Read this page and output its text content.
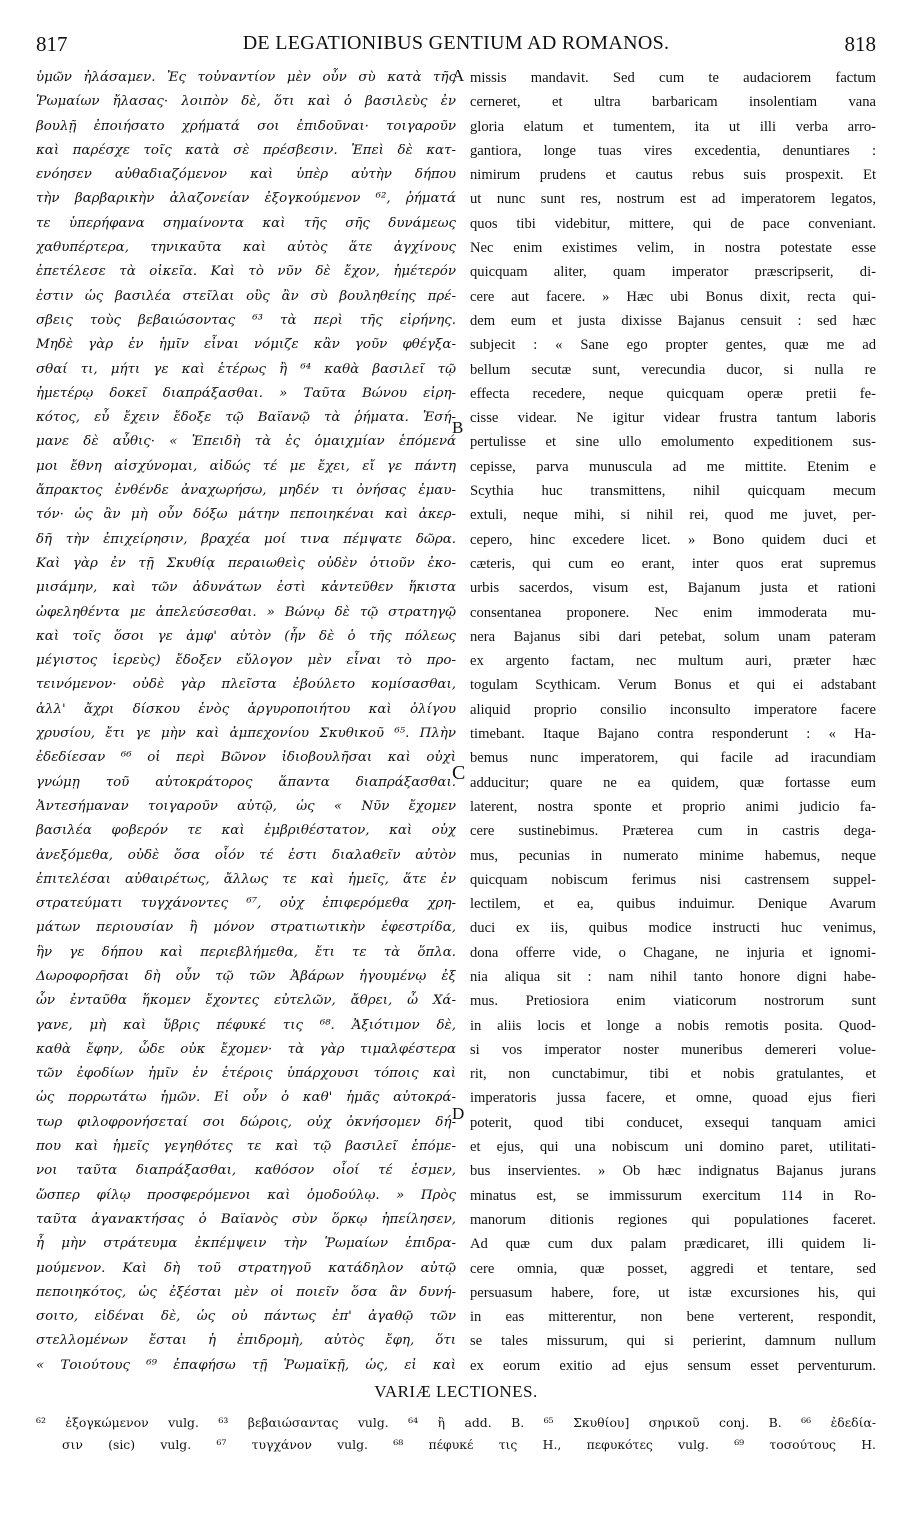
817	DE LEGATIONIBUS GENTIUM AD ROMANOS.	818
ὑμῶν ἠλάσαμεν. Ἐς τοὐναντίον μὲν οὖν σὺ κατὰ τῆς
Ῥωμαίων ἤλασας· λοιπὸν δὲ, ὅτι καὶ ὁ βασιλεὺς ἐν
βουλῇ ἐποιήσατο χρήματά σοι ἐπιδοῦναι· τοιγαροῦν
καὶ παρέσχε τοῖς κατὰ σὲ πρέσβεσιν. Ἐπεὶ δὲ κατ-
ενόησεν αὐθαδιαζόμενον καὶ ὑπὲρ αὐτὴν δήπου
τὴν βαρβαρικὴν ἀλαζονείαν ἐξογκούμενον ⁶², ῥήματά
τε ὑπερήφανα σημαίνοντα καὶ τῆς σῆς δυνάμεως
χαθυπέρτερα, τηνικαῦτα καὶ αὐτὸς ἅτε ἀγχίνους
ἐπετέλεσε τὰ οἰκεῖα. Καὶ τὸ νῦν δὲ ἔχον, ἡμέτερόν
ἐστιν ὡς βασιλέα στεῖλαι οὓς ἂν σὺ βουληθείης πρέ-
σβεις τοὺς βεβαιώσοντας ⁶³ τὰ περὶ τῆς εἰρήνης.
Μηδὲ γὰρ ἐν ἡμῖν εἶναι νόμιζε κἂν γοῦν φθέγξα-
σθαί τι, μήτι γε καὶ ἑτέρως ἢ ⁶⁴ καθὰ βασιλεῖ τῷ
ἡμετέρῳ δοκεῖ διαπράξασθαι. » Ταῦτα Βώνου εἰρη-
κότος, εὖ ἔχειν ἔδοξε τῷ Βαϊανῷ τὰ ῥήματα. Ἐσή-
μανε δὲ αὖθις· « Ἐπειδὴ τὰ ἐς ὁμαιχμίαν ἑπόμενά
μοι ἔθνη αἰσχύνομαι, αἰδώς τέ με ἔχει, εἴ γε πάντη
ἄπρακτος ἐνθένδε ἀναχωρήσω, μηδέν τι ὀνήσας ἐμαυ-
τόν· ὡς ἂν μὴ οὖν δόξω μάτην πεποιηκέναι καὶ ἀκερ-
δῆ τὴν ἐπιχείρησιν, βραχέα μοί τινα πέμψατε δῶρα.
Καὶ γὰρ ἐν τῇ Σκυθίᾳ περαιωθεὶς οὐδὲν ὁτιοῦν ἐκο-
μισάμην, καὶ τῶν ἀδυνάτων ἐστὶ κἀντεῦθεν ἥκιστα
ὠφεληθέντα με ἀπελεύσεσθαι. » Βώνῳ δὲ τῷ στρατηγῷ
καὶ τοῖς ὅσοι γε ἀμφ' αὐτὸν (ἦν δὲ ὁ τῆς πόλεως
μέγιστος ἱερεὺς) ἔδοξεν εὔλογον μὲν εἶναι τὸ προ-
τεινόμενον· οὐδὲ γὰρ πλεῖστα ἐβούλετο κομίσασθαι,
ἀλλ' ἄχρι δίσκου ἑνὸς ἀργυροποιήτου καὶ ὀλίγου
χρυσίου, ἔτι γε μὴν καὶ ἀμπεχονίου Σκυθικοῦ ⁶⁵. Πλὴν
ἐδεδίεσαν ⁶⁶ οἱ περὶ Βῶνον ἰδιοβουλῆσαι καὶ οὐχὶ
γνώμῃ τοῦ αὐτοκράτορος ἅπαντα διαπράξασθαι.
Ἀντεσήμαναν τοιγαροῦν αὐτῷ, ὡς « Νῦν ἔχομεν
βασιλέα φοβερόν τε καὶ ἐμβριθέστατον, καὶ οὐχ
ἀνεξόμεθα, οὐδὲ ὅσα οἷόν τέ ἐστι διαλαθεῖν αὐτὸν
ἐπιτελέσαι αὐθαιρέτως, ἄλλως τε καὶ ἡμεῖς, ἅτε ἐν
στρατεύματι τυγχάνοντες ⁶⁷, οὐχ ἐπιφερόμεθα χρη-
μάτων περιουσίαν ἢ μόνον στρατιωτικὴν ἐφεστρίδα,
ἣν γε δήπου καὶ περιεβλήμεθα, ἔτι τε τὰ ὅπλα.
Δωροφορῆσαι δὴ οὖν τῷ τῶν Ἀβάρων ἡγουμένῳ ἐξ
ὧν ἐνταῦθα ἥκομεν ἔχοντες εὐτελῶν, ἄθρει, ὦ Χά-
γανε, μὴ καὶ ὕβρις πέφυκέ τις ⁶⁸. Ἀξιότιμον δὲ,
καθὰ ἔφην, ὧδε οὐκ ἔχομεν· τὰ γὰρ τιμαλφέστερα
τῶν ἐφοδίων ἡμῖν ἐν ἑτέροις ὑπάρχουσι τόποις καὶ
ὡς πορρωτάτω ἡμῶν. Εἰ οὖν ὁ καθ' ἡμᾶς αὐτοκρά-
τωρ φιλοφρονήσεταί σοι δώροις, οὐχ ὀκνήσομεν δή-
που καὶ ἡμεῖς γεγηθότες τε καὶ τῷ βασιλεῖ ἑπόμε-
νοι ταῦτα διαπράξασθαι, καθόσον οἷοί τέ ἐσμεν,
ὥσπερ φίλῳ προσφερόμενοι καὶ ὁμοδούλῳ. » Πρὸς
ταῦτα ἀγανακτήσας ὁ Βαϊανὸς σὺν ὅρκῳ ἠπείλησεν,
ἦ μὴν στράτευμα ἐκπέμψειν τὴν Ῥωμαίων ἐπιδρα-
μούμενον. Καὶ δὴ τοῦ στρατηγοῦ κατάδηλον αὐτῷ
πεποιηκότος, ὡς ἐξέσται μὲν οἱ ποιεῖν ὅσα ἂν δυνή-
σοιτο, εἰδέναι δὲ, ὡς οὐ πάντως ἐπ' ἀγαθῷ τῶν
στελλομένων ἔσται ἡ ἐπιδρομὴ, αὐτὸς ἔφη, ὅτι
« Τοιούτους ⁶⁹ ἐπαφήσω τῇ Ῥωμαϊκῇ, ὡς, εἰ καὶ
A
B
C
D
missis mandavit. Sed cum te audaciorem factum
cerneret, et ultra barbaricam insolentiam vana
gloria elatum et tumentem, ita ut illi verba arro-
gantiora, longe tuas vires excedentia, denuntiares :
nimirum prudens et cautus rebus suis prospexit. Et
ut nunc sunt res, nostrum est ad imperatorem legatos,
quos tibi videbitur, mittere, qui de pace conveniant.
Nec enim existimes velim, in nostra potestate esse
quicquam aliter, quam imperator præscripserit, di-
cere aut facere. » Hæc ubi Bonus dixit, recta qui-
dem eum et justa dixisse Bajanus censuit : sed hæc
subjecit : « Sane ego propter gentes, quæ me ad
bellum secutæ sunt, verecundia ducor, si nulla re
effecta recedere, neque quicquam operæ pretii fe-
cisse videar. Ne igitur videar frustra tantum laboris
pertulisse et sine ullo emolumento expeditionem sus-
cepisse, parva munuscula ad me mittite. Etenim e
Scythia huc transmittens, nihil quicquam mecum
extuli, neque mihi, si nihil rei, quod me juvet, per-
cepero, hinc excedere licet. » Bono quidem duci et
cæteris, qui cum eo erant, inter quos erat supremus
urbis sacerdos, visum est, Bajanum justa et rationi
consentanea proponere. Nec enim immoderata mu-
nera Bajanus sibi dari petebat, solum unam pateram
ex argento factam, nec multum auri, præter hæc
togulam Scythicam. Verum Bonus et qui ei adstabant
aliquid proprio consilio inconsulto imperatore facere
timebant. Itaque Bajano contra responderunt : « Ha-
bemus nunc imperatorem, qui facile ad iracundiam
adducitur; quare ne ea quidem, quæ fortasse eum
laterent, nostra sponte et proprio animi judicio fa-
cere sustinebimus. Præterea cum in castris dega-
mus, pecunias in numerato minime habemus, neque
quicquam nobiscum ferimus nisi castrensem suppel-
lectilem, et ea, quibus induimur. Denique Avarum
duci ex iis, quibus modice instructi huc venimus,
dona offerre vide, o Chagane, ne injuria et ignomi-
nia aliqua sit : nam nihil tanto honore digni habe-
mus. Pretiosiora enim viaticorum nostrorum sunt
in aliis locis et longe a nobis remotis posita. Quod-
si vos imperator noster muneribus demereri volue-
rit, non cunctabimur, tibi et nobis gratulantes, et
imperatoris jussa facere, et omne, quoad ejus fieri
poterit, quod tibi conducet, exsequi tanquam amici
et ejus, qui una nobiscum uni domino paret, utilitati-
bus inservientes. » Ob hæc indignatus Bajanus jurans
minatus est, se immissurum exercitum 114 in Ro-
manorum ditionis regiones qui populationes faceret.
Ad quæ cum dux palam prædicaret, illi quidem li-
cere omnia, quæ posset, aggredi et tentare, sed
persuasum habere, fore, ut istæ excursiones his, qui
in eas mitterentur, non bene verterent, respondit,
se tales missurum, qui si perierint, damnum nullum
ex eorum exitio ad ejus sensum esset perventurum.
VARIÆ LECTIONES.
⁶² ἐξογκώμενον vulg. ⁶³ βεβαιώσαντας vulg. ⁶⁴ ἢ add. B. ⁶⁵ Σκυθίου] σηρικοῦ conj. B. ⁶⁶ ἐδεδία-
σιν (sic) vulg. ⁶⁷ τυγχάνον vulg. ⁶⁸ πέφυκέ τις H., πεφυκότες vulg. ⁶⁹ τοσούτους H.
